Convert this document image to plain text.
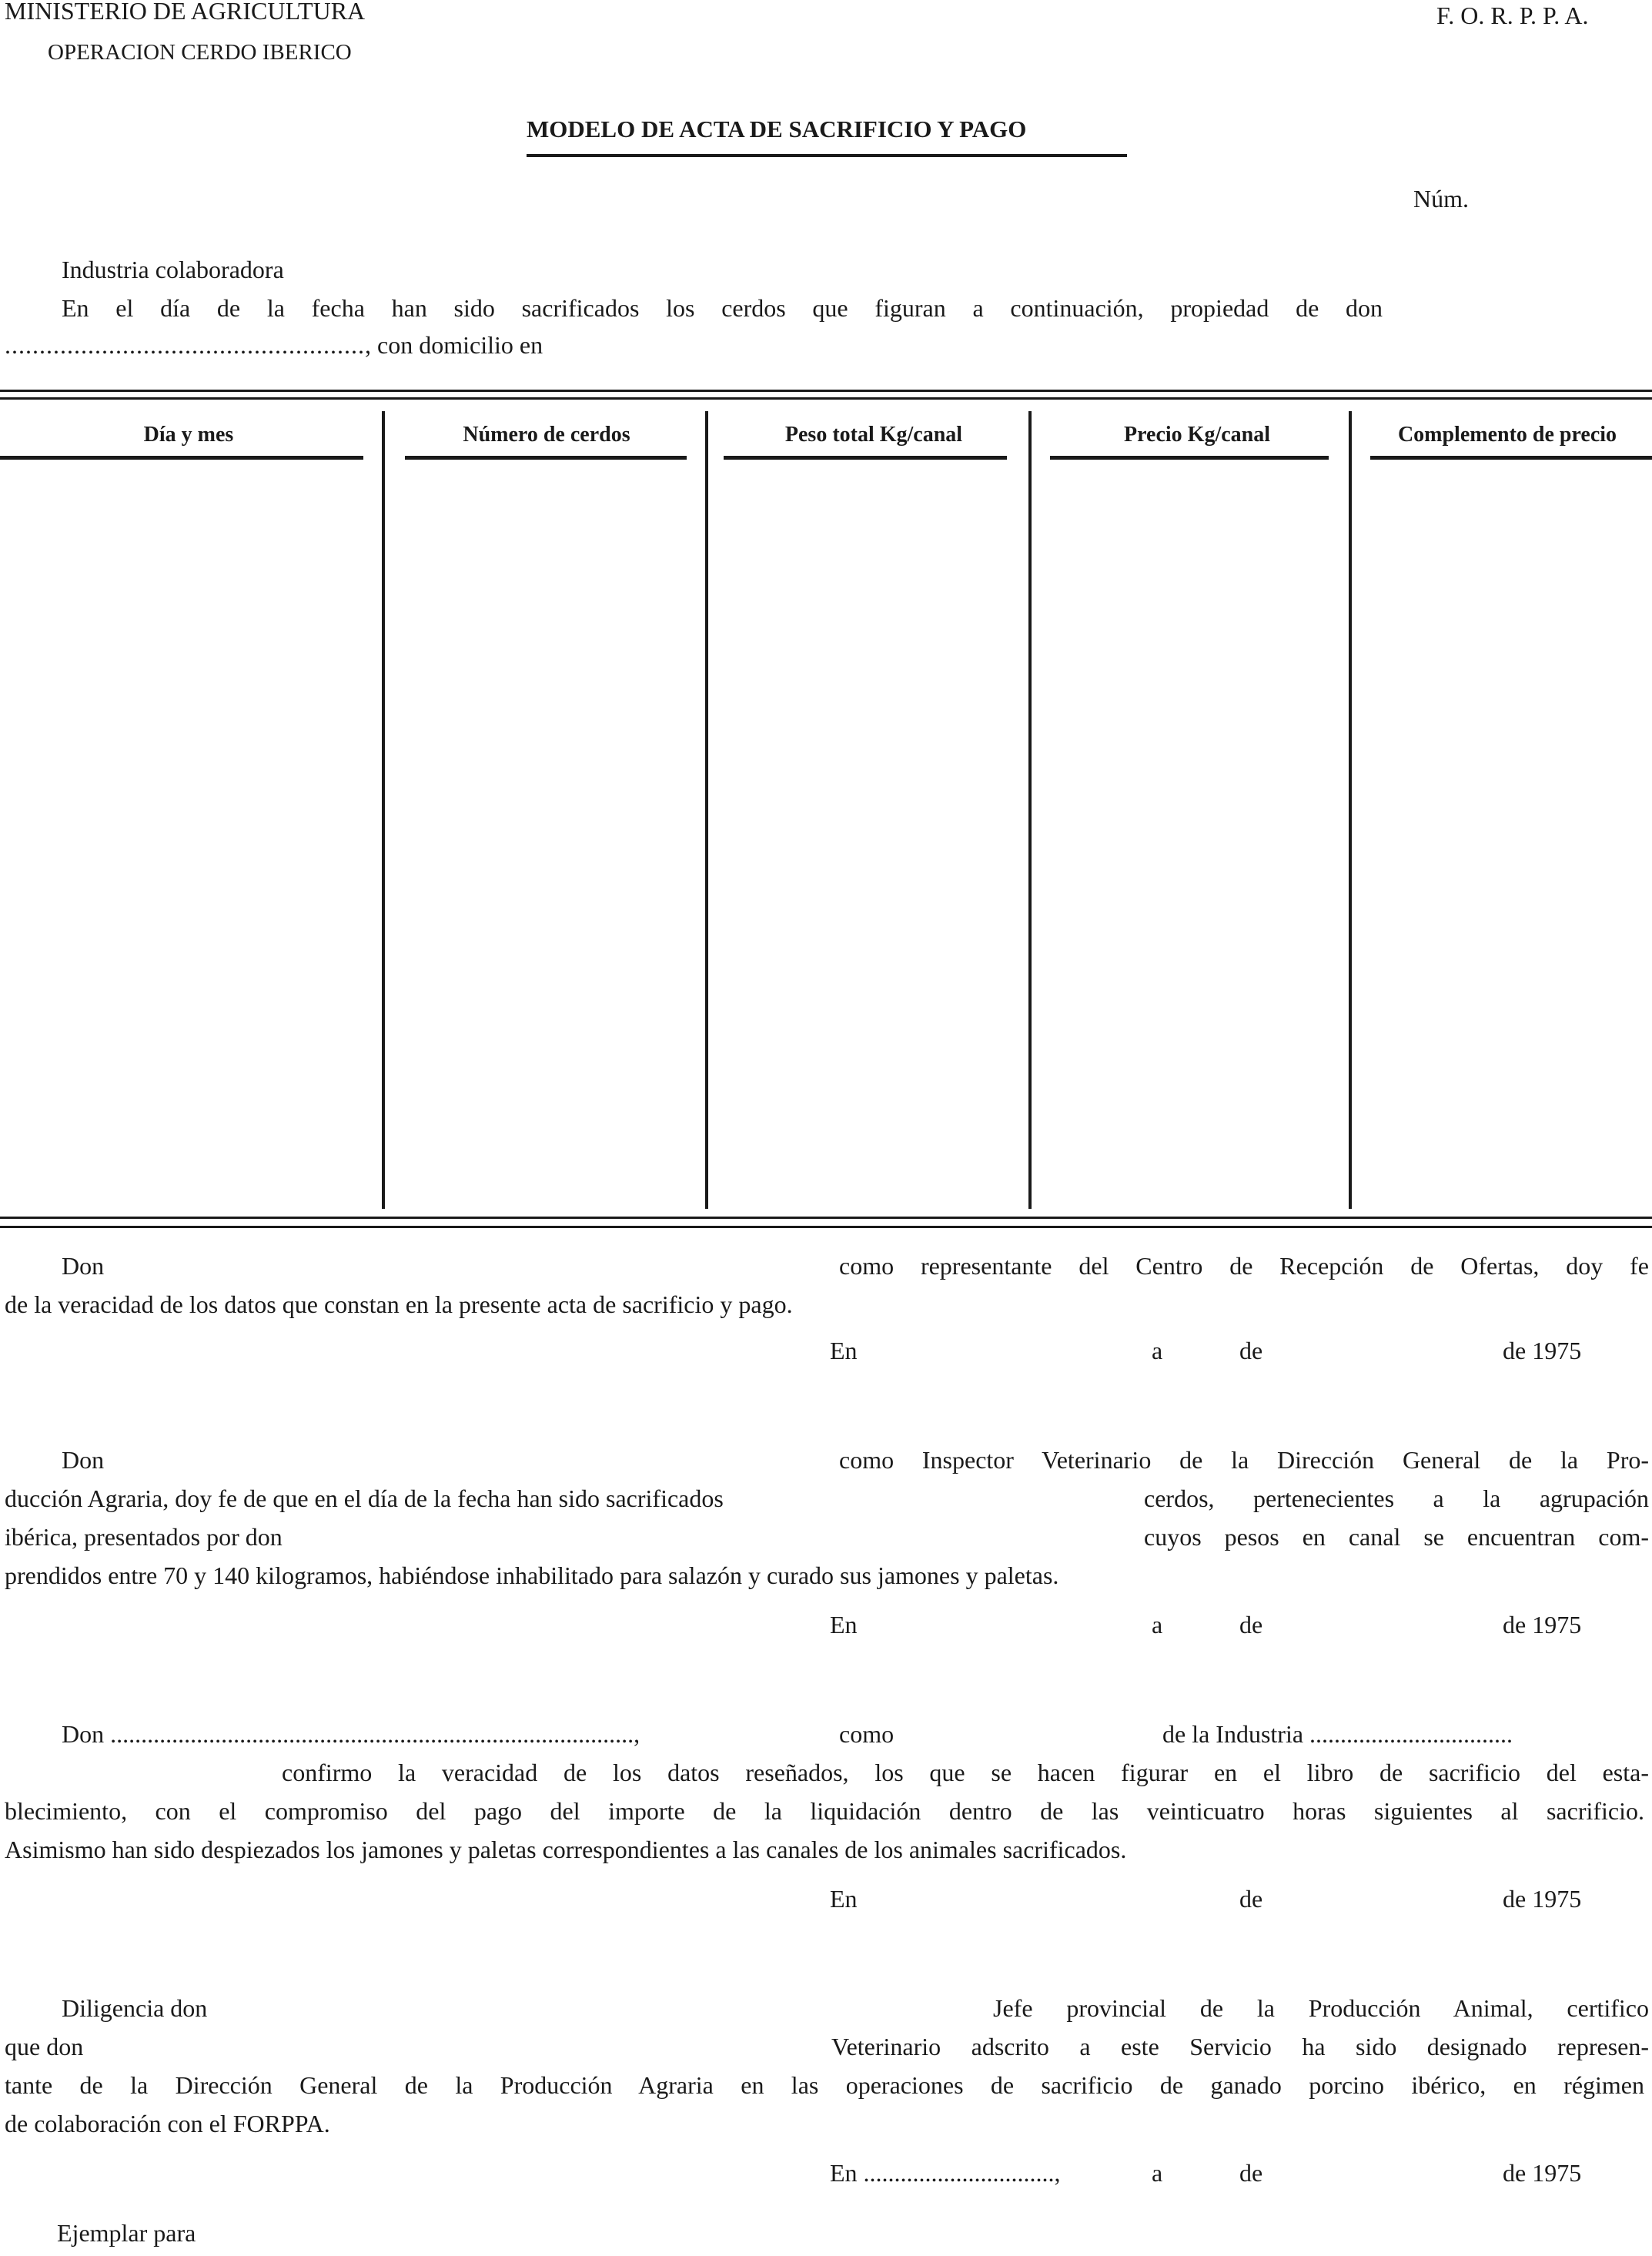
MINISTERIO DE AGRICULTURA
OPERACION CERDO IBERICO
F. O. R. P. P. A.
MODELO DE ACTA DE SACRIFICIO Y PAGO
Núm.
Industria colaboradora
En el día de la fecha han sido sacrificados los cerdos que figuran a continuación, propiedad de don
...................................................., con domicilio en
Día y mes	Número de cerdos	Peso total Kg/canal	Precio Kg/canal	Complemento de precio
Don	como representante del Centro de Recepción de Ofertas, doy fe
de la veracidad de los datos que constan en la presente acta de sacrificio y pago.
En	a	de	de 1975
Don	como Inspector Veterinario de la Dirección General de la Pro-
ducción Agraria, doy fe de que en el día de la fecha han sido sacrificados	cerdos, pertenecientes a la agrupación
ibérica, presentados por don	cuyos pesos en canal se encuentran com-
prendidos entre 70 y 140 kilogramos, habiéndose inhabilitado para salazón y curado sus jamones y paletas.
En	a	de	de 1975
Don .....................................................................................,	como	de la Industria .................................
confirmo la veracidad de los datos reseñados, los que se hacen figurar en el libro de sacrificio del esta-
blecimiento, con el compromiso del pago del importe de la liquidación dentro de las veinticuatro horas siguientes al sacrificio.
Asimismo han sido despiezados los jamones y paletas correspondientes a las canales de los animales sacrificados.
En	de	de 1975
Diligencia don	Jefe provincial de la Producción Animal, certifico
que don	Veterinario adscrito a este Servicio ha sido designado represen-
tante de la Dirección General de la Producción Agraria en las operaciones de sacrificio de ganado porcino ibérico, en régimen
de colaboración con el FORPPA.
En ...............................,	a	de	de 1975
Ejemplar para
